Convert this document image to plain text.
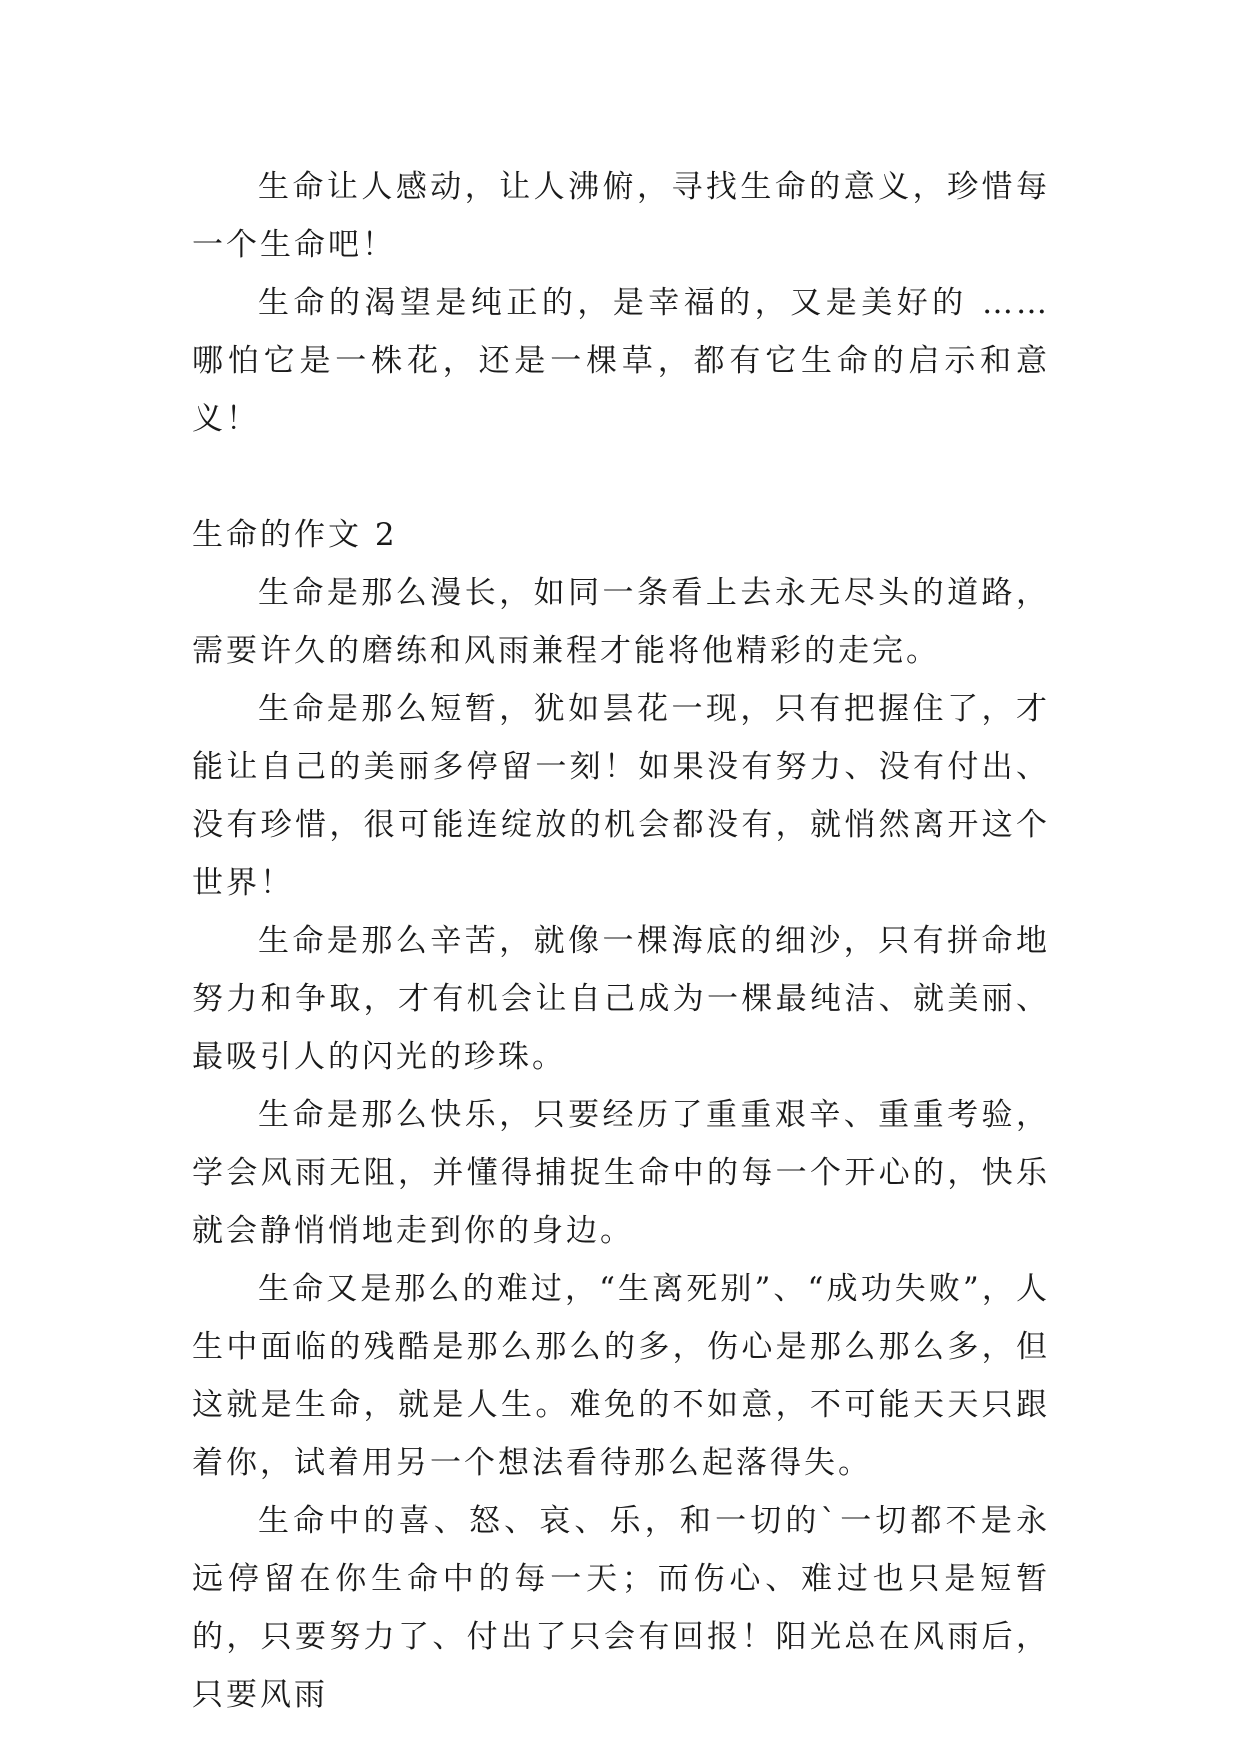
生命让人感动，让人沸俯，寻找生命的意义，珍惜每一个生命吧！

生命的渴望是纯正的，是幸福的，又是美好的 ……哪怕它是一株花，还是一棵草，都有它生命的启示和意义！

生命的作文 2

生命是那么漫长，如同一条看上去永无尽头的道路，需要许久的磨练和风雨兼程才能将他精彩的走完。

生命是那么短暂，犹如昙花一现，只有把握住了，才能让自己的美丽多停留一刻！如果没有努力、没有付出、没有珍惜，很可能连绽放的机会都没有，就悄然离开这个世界！

生命是那么辛苦，就像一棵海底的细沙，只有拼命地努力和争取，才有机会让自己成为一棵最纯洁、就美丽、最吸引人的闪光的珍珠。

生命是那么快乐，只要经历了重重艰辛、重重考验，学会风雨无阻，并懂得捕捉生命中的每一个开心的，快乐就会静悄悄地走到你的身边。

生命又是那么的难过，“生离死别”、“成功失败”，人生中面临的残酷是那么那么的多，伤心是那么那么多，但这就是生命，就是人生。难免的不如意，不可能天天只跟着你，试着用另一个想法看待那么起落得失。

生命中的喜、怒、哀、乐，和一切的`一切都不是永远停留在你生命中的每一天；而伤心、难过也只是短暂的，只要努力了、付出了只会有回报！阳光总在风雨后，只要风雨
